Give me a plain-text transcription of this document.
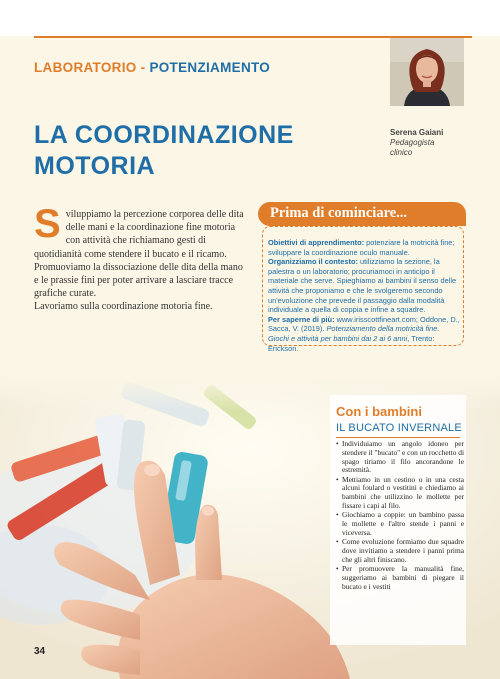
LABORATORIO - POTENZIAMENTO
LA COORDINAZIONE
MOTORIA
Serena Gaiani
Pedagogista
clinico
S viluppiamo la percezione corporea delle dita delle mani e la coordinazione fine motoria con attività che richiamano gesti di quotidianità come stendere il bucato e il ricamo.
Promuoviamo la dissociazione delle dita della mano e le prassie fini per poter arrivare a lasciare tracce grafiche curate.
Lavoriamo sulla coordinazione motoria fine.
Prima di cominciare...
Obiettivi di apprendimento: potenziare la motricità fine; sviluppare la coordinazione oculo manuale.
Organizziamo il contesto: utilizziamo la sezione, la palestra o un laboratorio; procuriamoci in anticipo il materiale che serve. Spieghiamo ai bambini il senso delle attività che proponiamo e che le svolgeremo secondo un'evoluzione che prevede il passaggio dalla modalità individuale a quella di coppia e infine a squadre.
Per saperne di più: www.irisscottfineart.com; Oddone, D., Sacca, V. (2019). Potenziamento della motricità fine. Giochi e attività per bambini dai 2 ai 6 anni, Trento: Erickson.
Con i bambini
IL BUCATO INVERNALE
• Individuiamo un angolo idoneo per stendere il "bucato" e con un rocchetto di spago tiriamo il filo ancorandone le estremità.
• Mettiamo in un cestino o in una cesta alcuni foulard o vestitini e chiediamo ai bambini che utilizzino le mollette per fissare i capi al filo.
• Giochiamo a coppie: un bambino passa le mollette e l'altro stende i panni e viceversa.
• Come evoluzione formiamo due squadre dove invitiamo a stendere i panni prima che gli altri finiscano.
• Per promuovere la manualità fine, suggeriamo ai bambini di piegare il bucato e i vestiti
34
